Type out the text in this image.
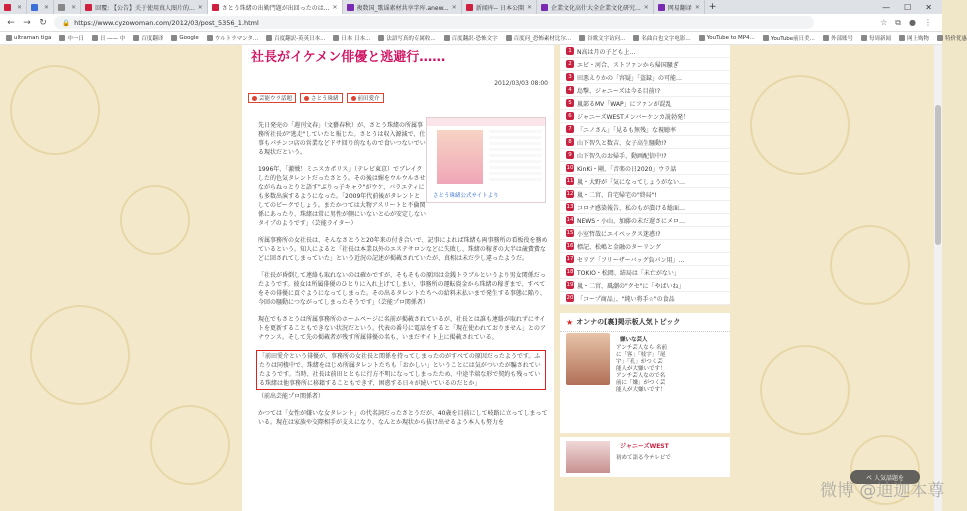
✕	✕	✕	回覆: 【公告】关于使用真人图片的... ✕	さとう珠緒の出勤門題が出回ったのは... ✕	複数国_歌谣素材共享字库.anew... ✕	新闻库-- 日本公開 ✕	企業文化高什大全企業文化研究... ✕	网易翻译 ✕	+	— ☐ ✕
← → ↻ 🔒 https://www.cyzowoman.com/2012/03/post_5356_1.html	☆ ⧉ ● ⋮
ultraman tiga	中一日	日 —— 中	百度翻译	Google	ウルトラマンタ...	百度翻訳-英英日本...	日本 日本...	法語写真的专属收...	百度翻訳-恐怖文字	百度问_恐怖素材比尔...	谷歌文字访问...	名曲白也文字电影...	YouTube to MP4...	YouTube前日美...	外部账号	每周新闻	网上购物	特价优惠
社長がイケメン俳優と逃避行……
2012/03/03 08:00
芸能ウラ話題	さとう珠緒	前田愛介

先日発売の「週刊文春」（文藝春秋）が、さとう珠緒の所属事務所社長が"逃走"していたと報じた。さとうは収入源減で、仕事もパチンコ店の営業などドサ回り的なもので食いつないでいる現状だという。

さとう珠緒公式サイトより

1996年、「激戦！ミニスカポリス」（テレビ東京）でブレイクした的色気タレントだったさとう。その後は媚をウルウルさせながらねっとりと語す"ぶりっ子キャラ"がウケ、バラエティにも多数出演するようになった。「2009年代前後がタレントとしてのピークでしょう。またかつては大物アスリートと不倫関係にあったり、珠緒は常に男性が側にいないと心が安定しないタイプのようです」（芸能ライター）

所属事務所の女社長は、そんなさとうと20年来の付き合いで、記事によれば珠緒も両事務所の看板役を務めているという。知人によると「社長は本業以外のエステサロンなどに失敗し、珠緒の稼ぎの大半は歳費費などに回されてしまっていた」という近況の記述が掲載されていたが、真相は未だ少し違ったようだ。

「社長が昏倒して連絡も取れないのは確かですが、そもそもの原因は金銭トラブルというより男女関係だったようです。彼女は所属俳優のひとりに入れ上げてしまい、事務所の運転資金から珠緒の稼ぎまで、すべてをその俳優に貢ぐようになってしまった。その出るタレントたちへの給料未払いまで発生する事態に陥り、今回の騒動につながってしまったそうです」（芸能プロ関係者）

現在でもさとうは所属事務所のホームページに名前が掲載されているが、社長とは誰も連絡が取れずにサイトを更新することもできない状況だという。代表の番号に電話をすると「現在使われておりません」とのアナウンス。そして先の掲載者が残す所属俳優の名も、いまだサイト上に掲載されている。

「前田愛介という俳優が、事務所の女社長と関係を持ってしまったのがすべての原因だったようです。ふたりは同棲中で、珠緒をはじめ所属タレントたちも「おかしい」ということには気がついたが騙されていたようです。当時、社長は前田とともに行方不明になってしまったため、中途半端な形で契約も残っている珠緒は他事務所に移籍することもできず、困惑する日々が続いているのだとか」

（前出芸能プロ関係者）

かつては「女性が嫌いな女タレント」の代名詞だったさとうだが、40歳を目前にして岐路に立ってしまっている。現在は家族や交際相手が支えになり、なんとか現状から抜け出せるよう本人も努力を

1 N高は月の子ども上…
2 エビ・河合、ストファンから帰国騒ぎ
3 田悪えりかの「容疑」「盗録」の可能…
4 島撃、ジャニーズは今る目前!?
5 嵐部るMV「WAP」にファンが混乱
6 ジャニーズWESTメンバーケンカ説勃発！
7 「ニノさん」「見るも無残」な視聴率
8 山下智久と数吉、女子高生騒動!?
9 山下智久のお帰手、動画配信中!?
10 KinKi・剛、「音楽の日2020」ウラ話
11 嵐・大野が「気になってしょうがない…
12 嵐・二宮、自宅帰宅の"終局"!
13 コロナ感染報告、私のもが潰ける総面…
14 NEWS・小山、加藤の未だ遅さにメロ…
15 小室哲哉にエイベックス迷惑!?
16 標記、松嶋と金融のターリング
17 セリア「フリーザーバッグ負パン用」…
18 TOKIO・松岡、結局は「未亡がない」
19 嵐・二宮、風潮の"クセ"に「やばいね」
20 「コープ商品」、"純い将手☆"の食品
★ オンナの[裏]掲示板人気トピック
嫌いな芸人
アンチ芸人なら 名前に「客」「枝宇」「尾宇」「孔」がつく芸能人が大嫌いです！ アンチ芸人なので名前に「嫌」がつく芸能人が大嫌いです！
ジャニーズWEST
初めて語る今テレビで
ペ 人気話題を
微博 @迪迦本尊
